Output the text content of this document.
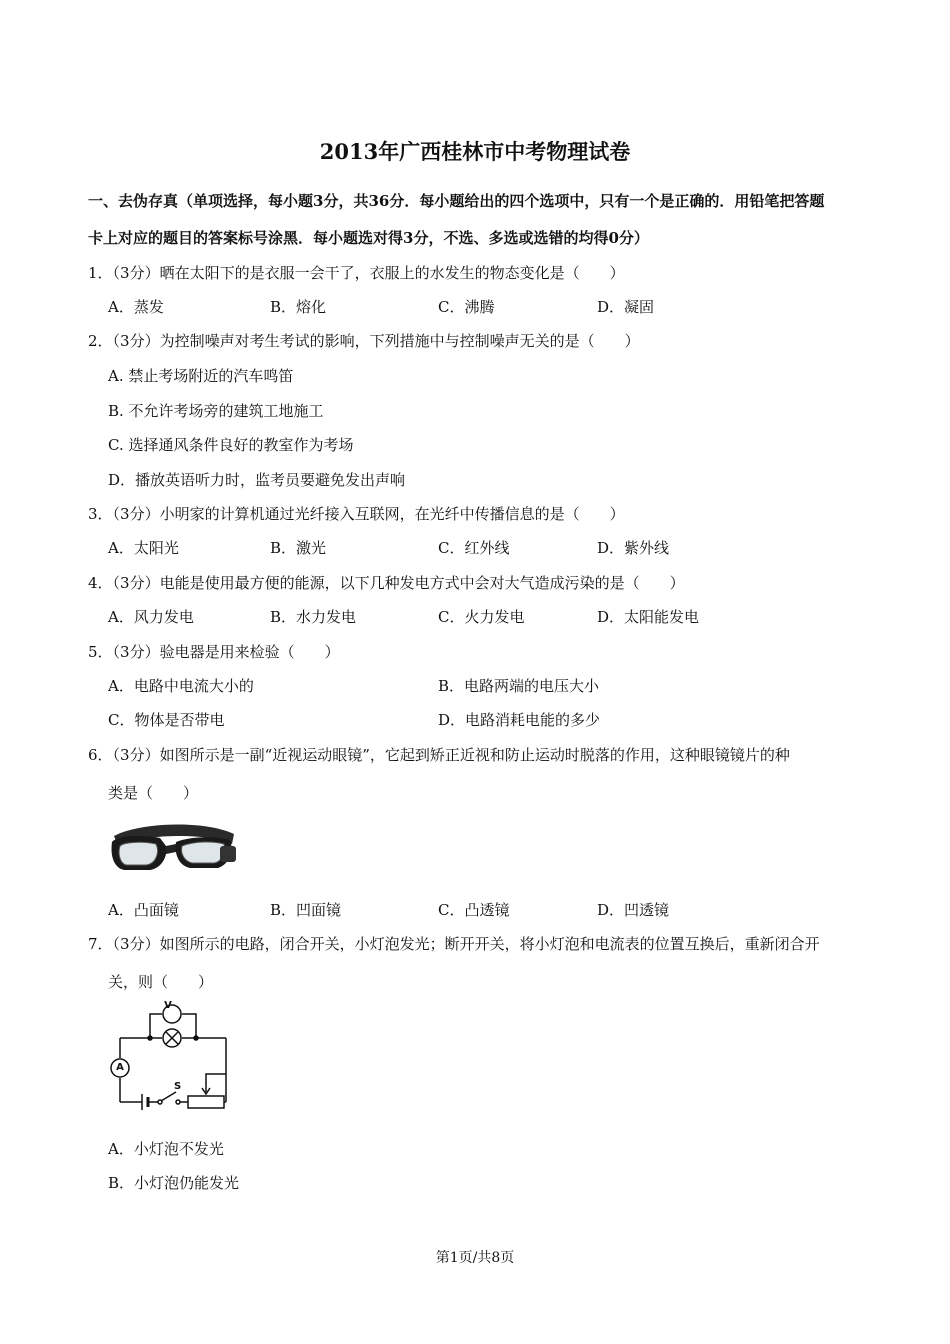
2013年广西桂林市中考物理试卷
一、去伪存真（单项选择，每小题3分，共36分．每小题给出的四个选项中，只有一个是正确的．用铅笔把答题
卡上对应的题目的答案标号涂黑．每小题选对得3分，不选、多选或选错的均得0分）
1．（3分）晒在太阳下的是衣服一会干了，衣服上的水发生的物态变化是（　　）
A．蒸发	B．熔化	C．沸腾	D．凝固
2．（3分）为控制噪声对考生考试的影响，下列措施中与控制噪声无关的是（　　）
A. 禁止考场附近的汽车鸣笛
B. 不允许考场旁的建筑工地施工
C. 选择通风条件良好的教室作为考场
D．播放英语听力时，监考员要避免发出声响
3．（3分）小明家的计算机通过光纤接入互联网，在光纤中传播信息的是（　　）
A．太阳光	B．激光	C．红外线	D．紫外线
4．（3分）电能是使用最方便的能源，以下几种发电方式中会对大气造成污染的是（　　）
A．风力发电	B．水力发电	C．火力发电	D．太阳能发电
5．（3分）验电器是用来检验（　　）
A．电路中电流大小的	B．电路两端的电压大小
C．物体是否带电	D．电路消耗电能的多少
6．（3分）如图所示是一副“近视运动眼镜”，它起到矫正近视和防止运动时脱落的作用，这种眼镜镜片的种
类是（　　）
A．凸面镜	B．凹面镜	C．凸透镜	D．凹透镜
7．（3分）如图所示的电路，闭合开关，小灯泡发光；断开开关，将小灯泡和电流表的位置互换后，重新闭合开
关，则（　　）
V
A
S
A．小灯泡不发光
B．小灯泡仍能发光
第1页/共8页
